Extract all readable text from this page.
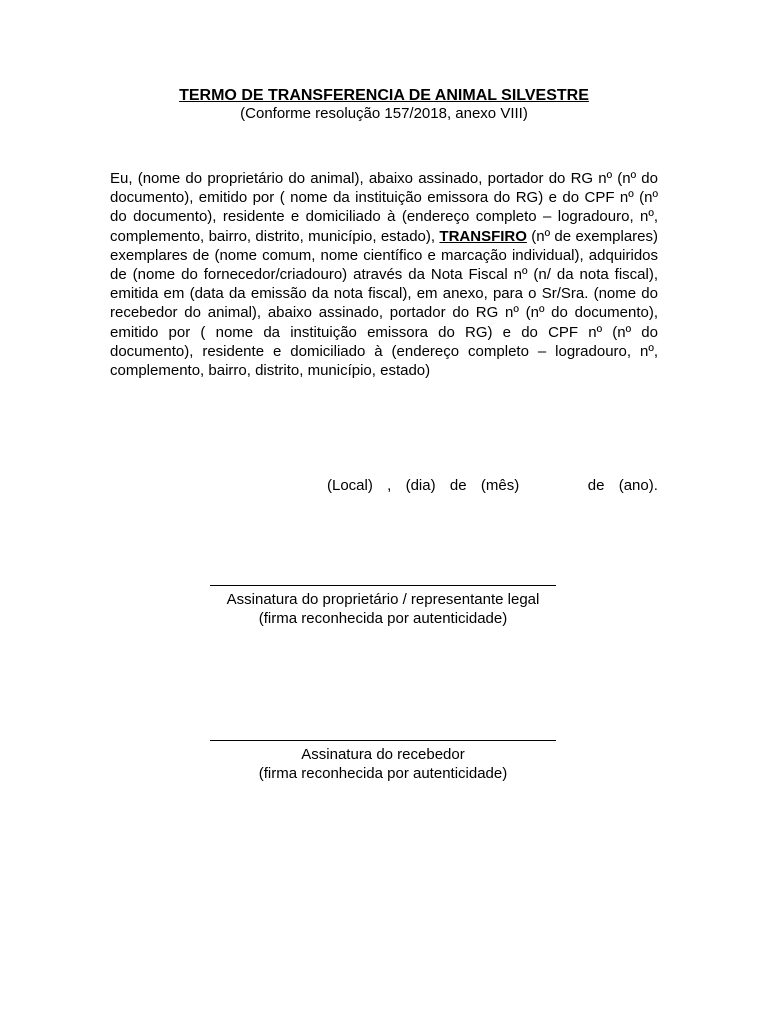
TERMO DE TRANSFERENCIA DE ANIMAL SILVESTRE
(Conforme resolução 157/2018, anexo VIII)

Eu, (nome do proprietário do animal), abaixo assinado, portador do RG nº (nº do documento), emitido por ( nome da instituição emissora do RG) e do CPF nº (nº do documento), residente e domiciliado à (endereço completo – logradouro, nº, complemento, bairro, distrito, município, estado), TRANSFIRO (nº de exemplares) exemplares de (nome comum, nome científico e marcação individual), adquiridos de (nome do fornecedor/criadouro) através da Nota Fiscal nº (n/ da nota fiscal), emitida em (data da emissão da nota fiscal), em anexo, para o Sr/Sra. (nome do recebedor do animal), abaixo assinado, portador do RG nº (nº do documento), emitido por ( nome da instituição emissora do RG) e do CPF nº (nº do documento), residente e domiciliado à (endereço completo – logradouro, nº, complemento, bairro, distrito, município, estado)

(Local) , (dia) de (mês)	de (ano).
Assinatura do proprietário / representante legal
(firma reconhecida por autenticidade)
Assinatura do recebedor
(firma reconhecida por autenticidade)
